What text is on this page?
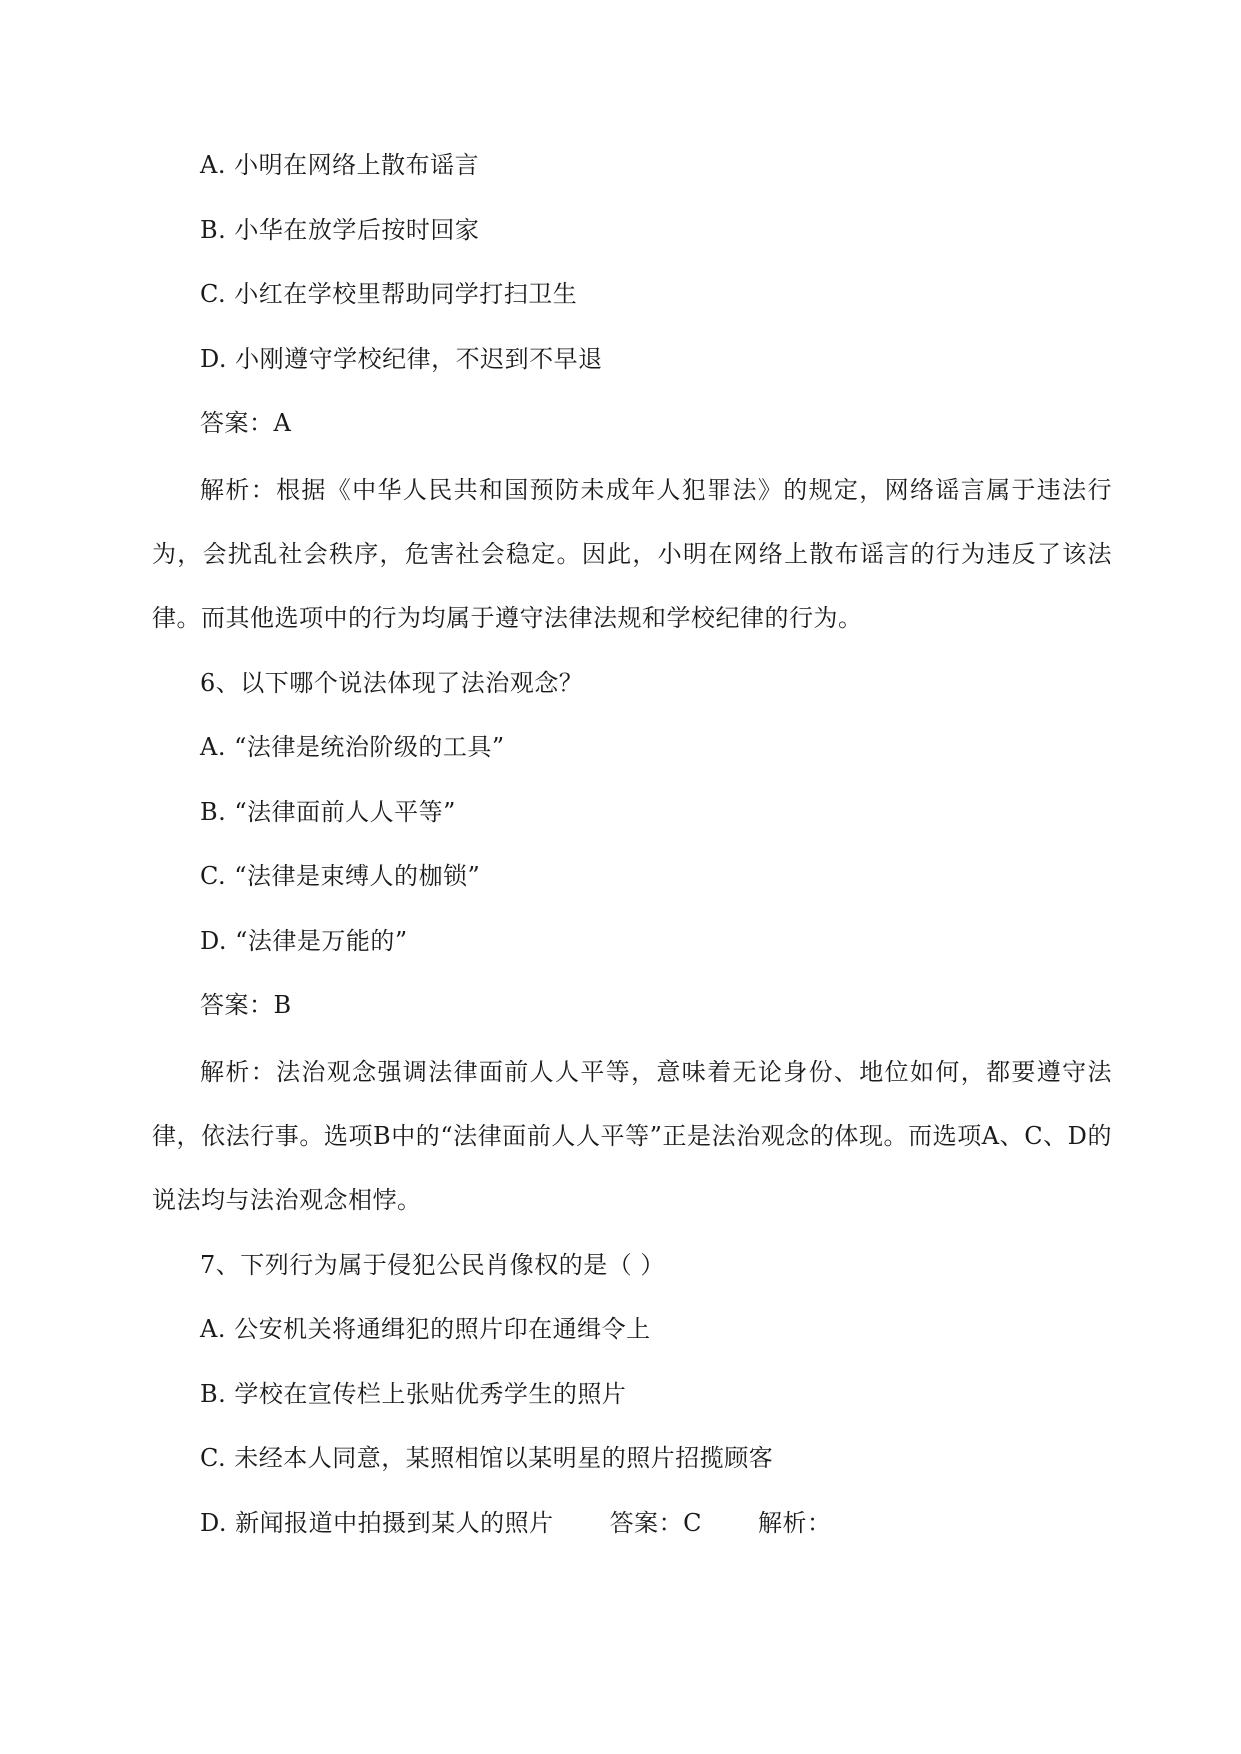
A. 小明在网络上散布谣言
B. 小华在放学后按时回家
C. 小红在学校里帮助同学打扫卫生
D. 小刚遵守学校纪律，不迟到不早退
答案：A
解析：根据《中华人民共和国预防未成年人犯罪法》的规定，网络谣言属于违法行为，会扰乱社会秩序，危害社会稳定。因此，小明在网络上散布谣言的行为违反了该法律。而其他选项中的行为均属于遵守法律法规和学校纪律的行为。
6、以下哪个说法体现了法治观念？
A. “法律是统治阶级的工具”
B. “法律面前人人平等”
C. “法律是束缚人的枷锁”
D. “法律是万能的”
答案：B
解析：法治观念强调法律面前人人平等，意味着无论身份、地位如何，都要遵守法律，依法行事。选项B中的“法律面前人人平等”正是法治观念的体现。而选项A、C、D的说法均与法治观念相悖。
7、下列行为属于侵犯公民肖像权的是（ ）
A. 公安机关将通缉犯的照片印在通缉令上
B. 学校在宣传栏上张贴优秀学生的照片
C. 未经本人同意，某照相馆以某明星的照片招揽顾客
D. 新闻报道中拍摄到某人的照片 答案：C 解析：
